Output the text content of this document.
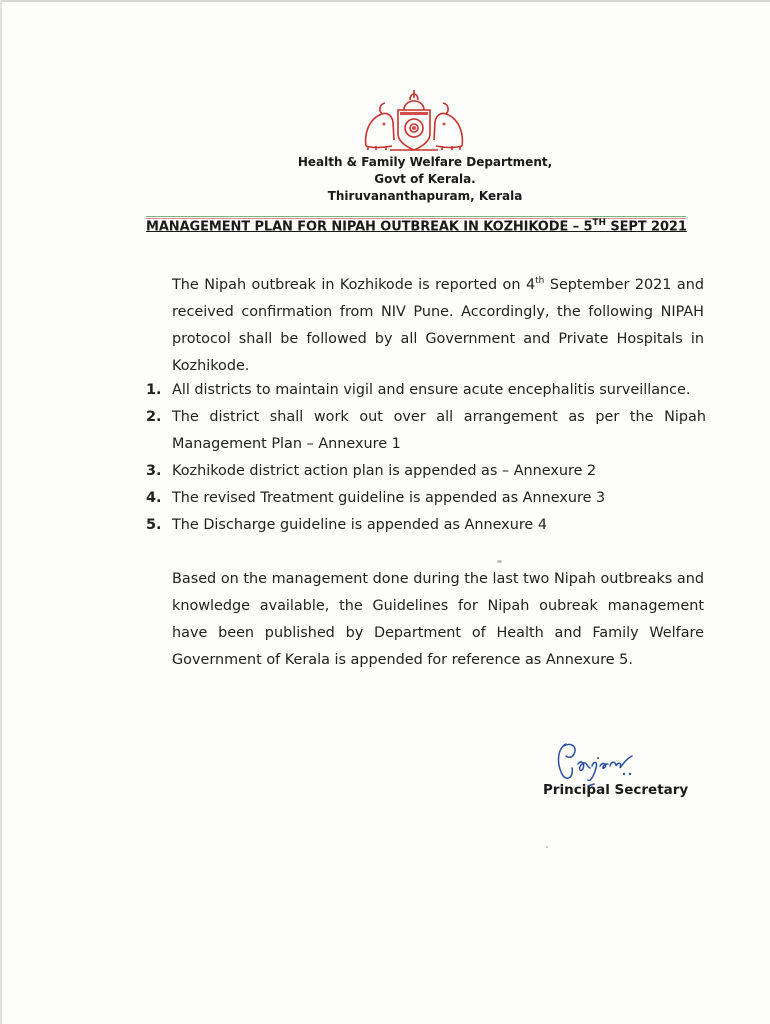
Health & Family Welfare Department,
Govt of Kerala.
Thiruvananthapuram, Kerala
MANAGEMENT PLAN FOR NIPAH OUTBREAK IN KOZHIKODE – 5TH SEPT 2021
The Nipah outbreak in Kozhikode is reported on 4th September 2021 and received confirmation from NIV Pune. Accordingly, the following NIPAH protocol shall be followed by all Government and Private Hospitals in Kozhikode.
1. All districts to maintain vigil and ensure acute encephalitis surveillance.
2. The district shall work out over all arrangement as per the Nipah Management Plan – Annexure 1
3. Kozhikode district action plan is appended as – Annexure 2
4. The revised Treatment guideline is appended as Annexure 3
5. The Discharge guideline is appended as Annexure 4
Based on the management done during the last two Nipah outbreaks and knowledge available, the Guidelines for Nipah oubreak management have been published by Department of Health and Family Welfare Government of Kerala is appended for reference as Annexure 5.
Principal Secretary
